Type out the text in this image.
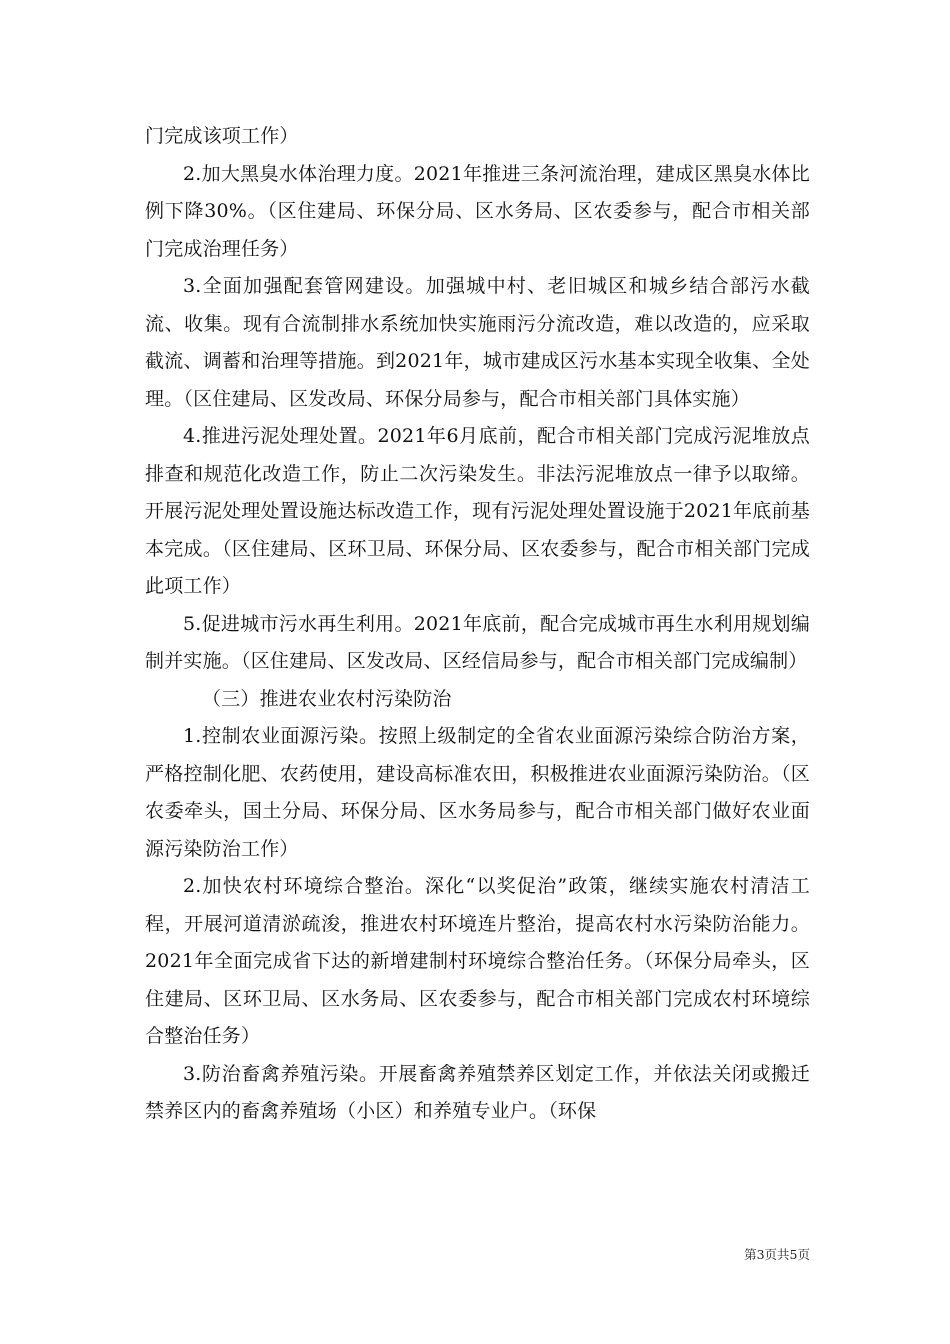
门完成该项工作）

2.加大黑臭水体治理力度。2021年推进三条河流治理，建成区黑臭水体比例下降30%。（区住建局、环保分局、区水务局、区农委参与，配合市相关部门完成治理任务）

3.全面加强配套管网建设。加强城中村、老旧城区和城乡结合部污水截流、收集。现有合流制排水系统加快实施雨污分流改造，难以改造的，应采取截流、调蓄和治理等措施。到2021年，城市建成区污水基本实现全收集、全处理。（区住建局、区发改局、环保分局参与，配合市相关部门具体实施）

4.推进污泥处理处置。2021年6月底前，配合市相关部门完成污泥堆放点排查和规范化改造工作，防止二次污染发生。非法污泥堆放点一律予以取缔。开展污泥处理处置设施达标改造工作，现有污泥处理处置设施于2021年底前基本完成。（区住建局、区环卫局、环保分局、区农委参与，配合市相关部门完成此项工作）

5.促进城市污水再生利用。2021年底前，配合完成城市再生水利用规划编制并实施。（区住建局、区发改局、区经信局参与，配合市相关部门完成编制）

（三）推进农业农村污染防治

1.控制农业面源污染。按照上级制定的全省农业面源污染综合防治方案，严格控制化肥、农药使用，建设高标准农田，积极推进农业面源污染防治。（区农委牵头，国土分局、环保分局、区水务局参与，配合市相关部门做好农业面源污染防治工作）

2.加快农村环境综合整治。深化“以奖促治”政策，继续实施农村清洁工程，开展河道清淤疏浚，推进农村环境连片整治，提高农村水污染防治能力。2021年全面完成省下达的新增建制村环境综合整治任务。（环保分局牵头，区住建局、区环卫局、区水务局、区农委参与，配合市相关部门完成农村环境综合整治任务）

3.防治畜禽养殖污染。开展畜禽养殖禁养区划定工作，并依法关闭或搬迁禁养区内的畜禽养殖场（小区）和养殖专业户。（环保

第3页共5页
